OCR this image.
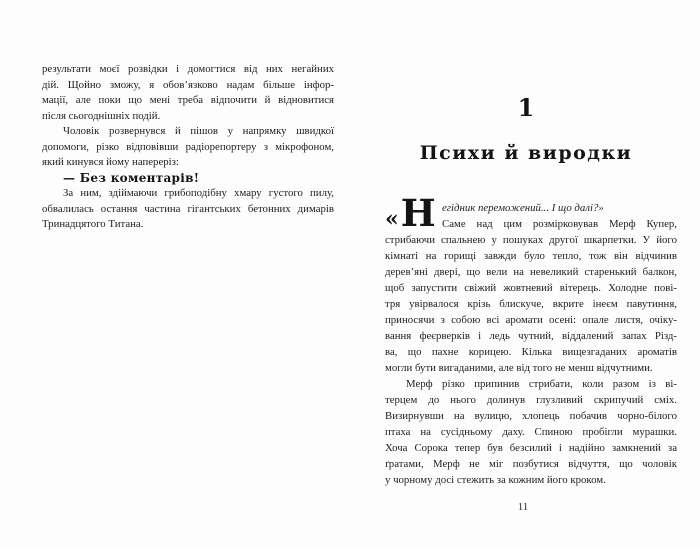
результати моєї розвідки і домогтися від них негайних
дій. Щойно зможу, я обов’язково надам більше інфор-
мації, але поки що мені треба відпочити й відновитися
після сьогоднішніх подій.
Чоловік розвернувся й пішов у напрямку швидкої
допомоги, різко відповівши радіорепортеру з мікрофоном,
який кинувся йому напереріз:
— Без коментарів!
За ним, здіймаючи грибоподібну хмару густого пилу,
обвалилась остання частина гігантських бетонних димарів
Тринадцятого Титана.
1
Психи й виродки
« Н егідник переможений... І що далі?»
Саме над цим розмірковував Мерф Купер,
стрибаючи спальнею у пошуках другої шкарпетки. У його
кімнаті на горищі завжди було тепло, тож він відчинив
дерев’яні двері, що вели на невеликий старенький балкон,
щоб запустити свіжий жовтневий вітерець. Холодне пові-
тря увірвалося крізь блискуче, вкрите інеєм павутиння,
приносячи з собою всі аромати осені: опале листя, очіку-
вання феєрверків і ледь чутний, віддалений запах Різд-
ва, що пахне корицею. Кілька вищезгаданих ароматів
могли бути вигаданими, але від того не менш відчутними.
Мерф різко припинив стрибати, коли разом із ві-
терцем до нього долинув глузливий скрипучий сміх.
Визирнувши на вулицю, хлопець побачив чорно-білого
птаха на сусідньому даху. Спиною пробігли мурашки.
Хоча Сорока тепер був безсилий і надійно замкнений за
ґратами, Мерф не міг позбутися відчуття, що чоловік
у чорному досі стежить за кожним його кроком.
11
